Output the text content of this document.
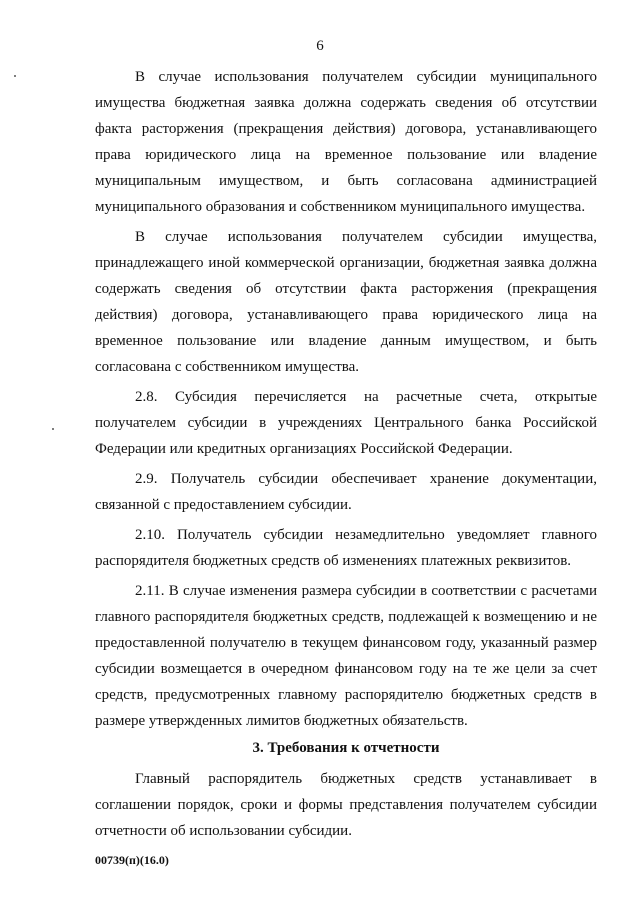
6

В случае использования получателем субсидии муниципального имущества бюджетная заявка должна содержать сведения об отсутствии факта расторжения (прекращения действия) договора, устанавливающего права юридического лица на временное пользование или владение муниципальным имуществом, и быть согласована администрацией муниципального образования и собственником муниципального имущества.

В случае использования получателем субсидии имущества, принадлежащего иной коммерческой организации, бюджетная заявка должна содержать сведения об отсутствии факта расторжения (прекращения действия) договора, устанавливающего права юридического лица на временное пользование или владение данным имуществом, и быть согласована с собственником имущества.

2.8. Субсидия перечисляется на расчетные счета, открытые получателем субсидии в учреждениях Центрального банка Российской Федерации или кредитных организациях Российской Федерации.

2.9. Получатель субсидии обеспечивает хранение документации, связанной с предоставлением субсидии.

2.10. Получатель субсидии незамедлительно уведомляет главного распорядителя бюджетных средств об изменениях платежных реквизитов.

2.11. В случае изменения размера субсидии в соответствии с расчетами главного распорядителя бюджетных средств, подлежащей к возмещению и не предоставленной получателю в текущем финансовом году, указанный размер субсидии возмещается в очередном финансовом году на те же цели за счет средств, предусмотренных главному распорядителю бюджетных средств в размере утвержденных лимитов бюджетных обязательств.

3. Требования к отчетности

Главный распорядитель бюджетных средств устанавливает в соглашении порядок, сроки и формы представления получателем субсидии отчетности об использовании субсидии.

00739(п)(16.0)
